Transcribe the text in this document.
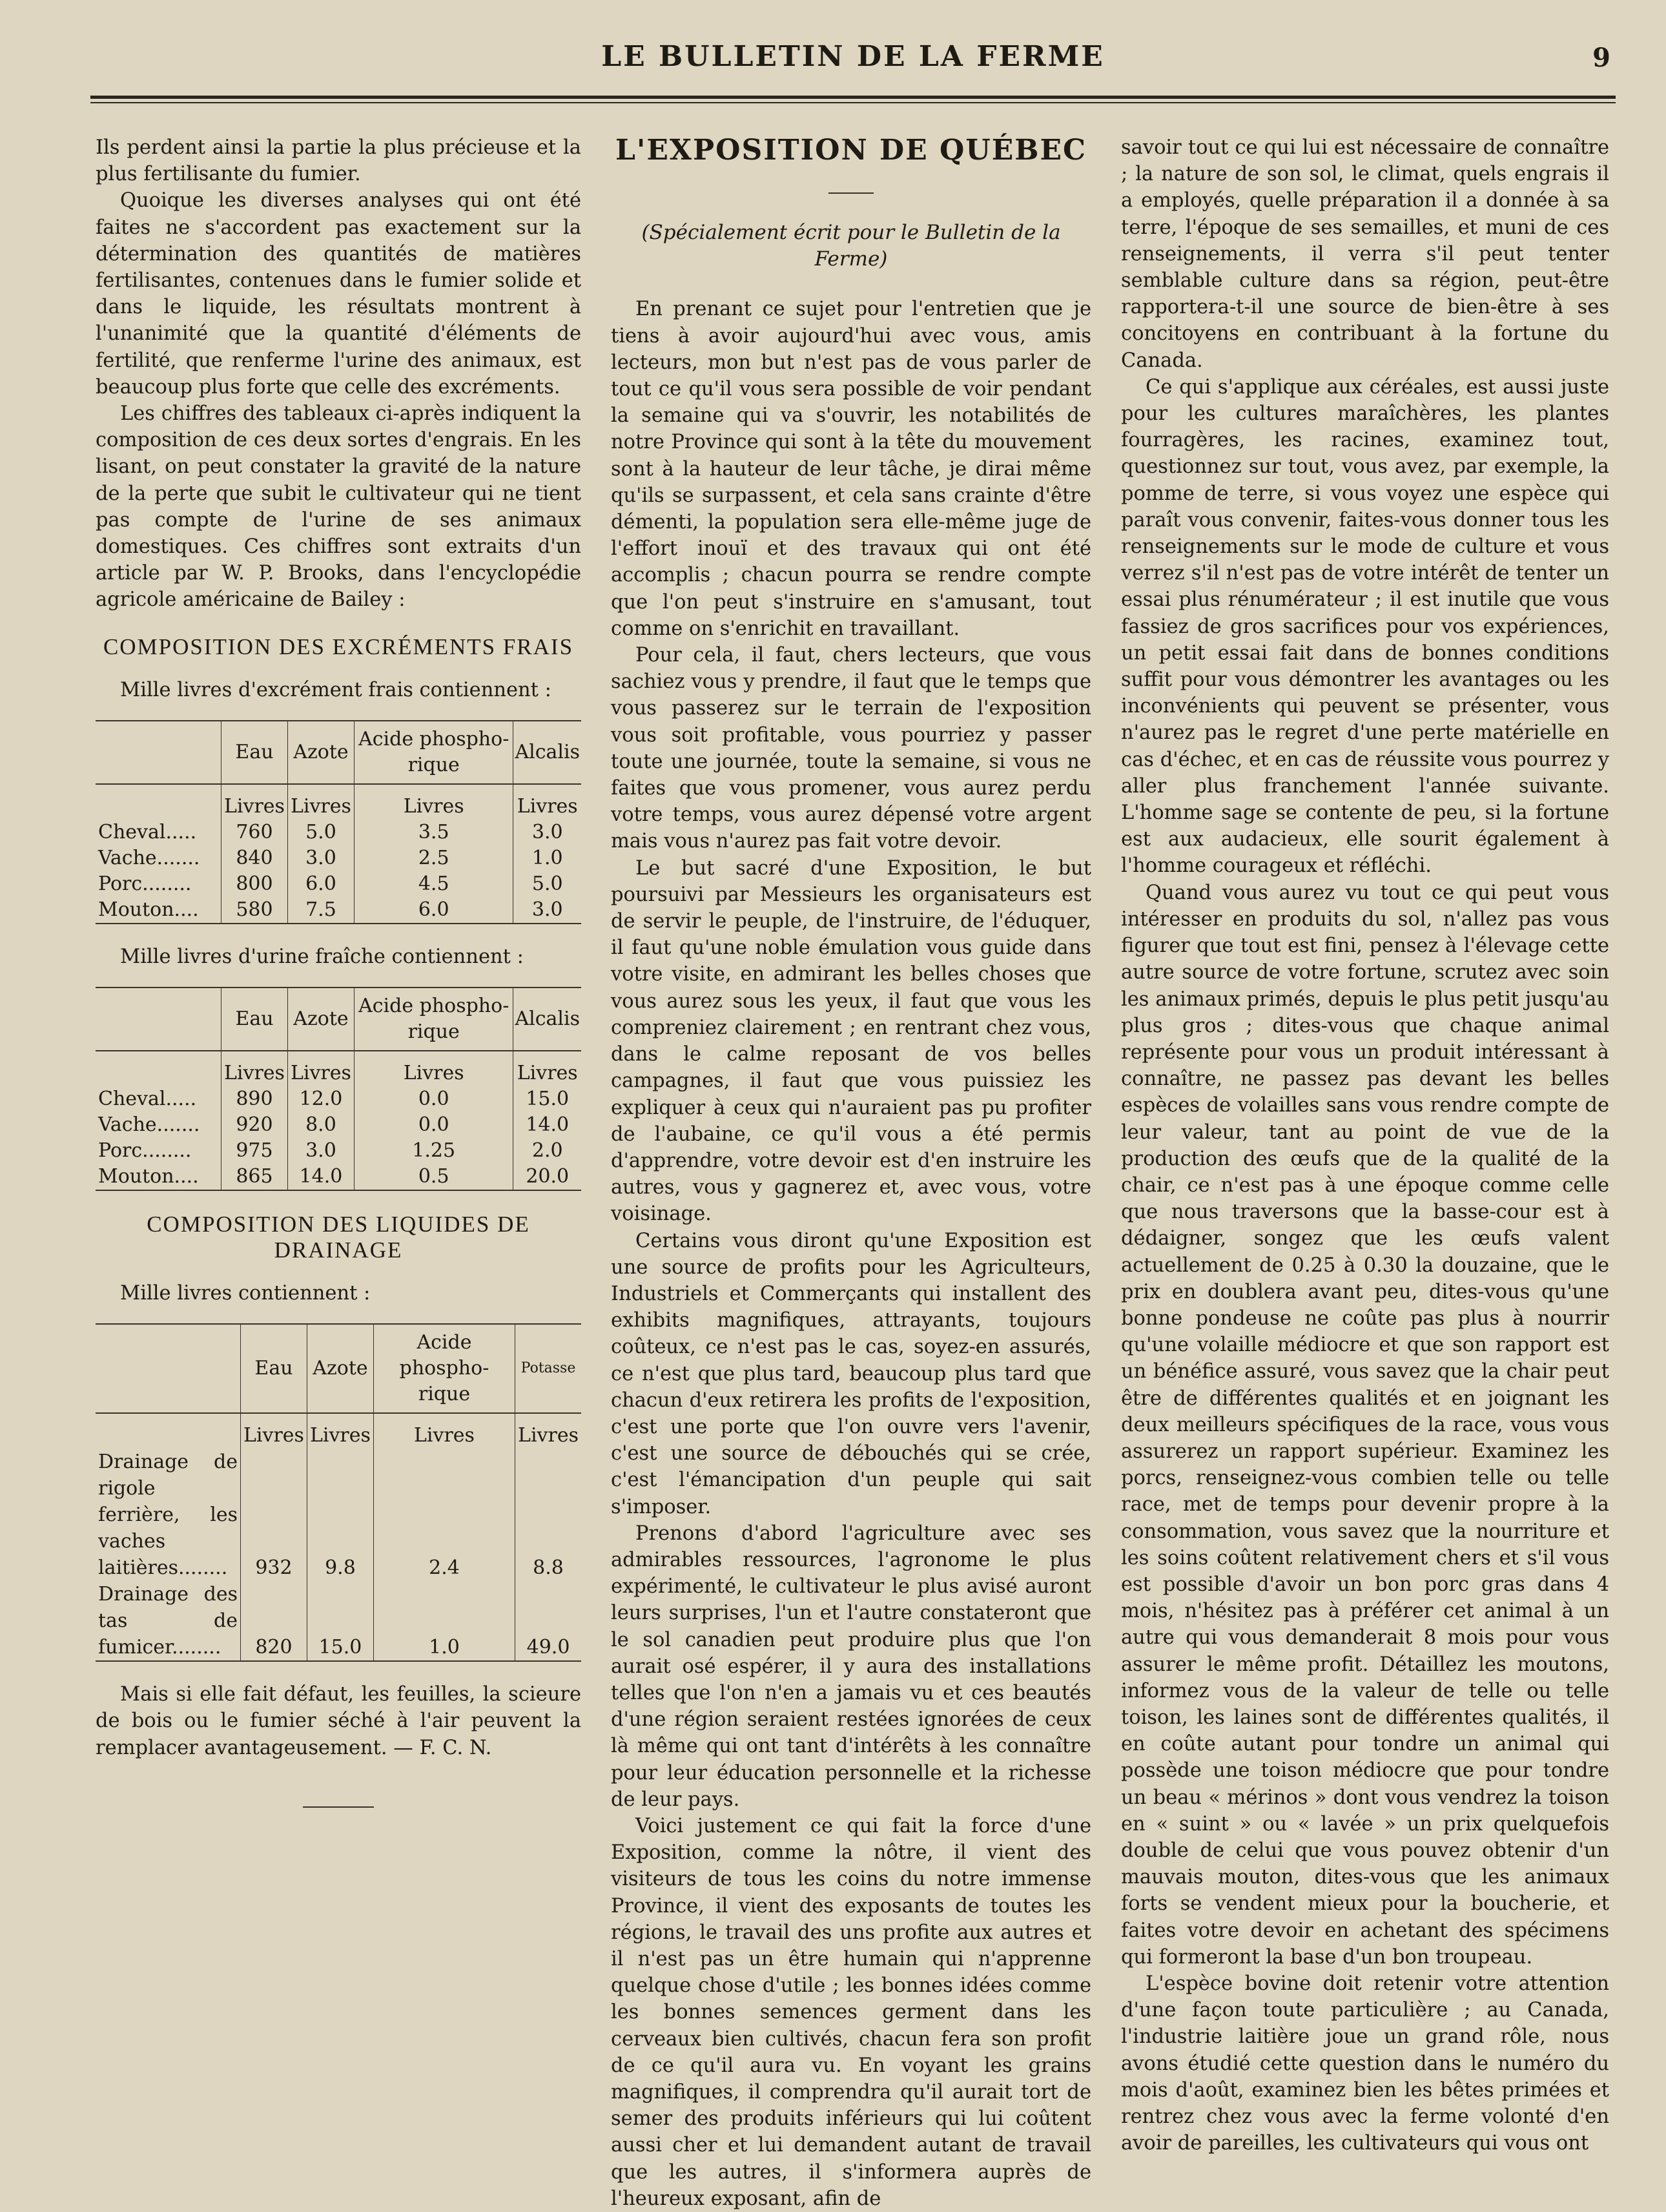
LE BULLETIN DE LA FERME	9

Ils perdent ainsi la partie la plus précieuse et la plus fertilisante du fumier.

Quoique les diverses analyses qui ont été faites ne s'accordent pas exactement sur la détermination des quantités de matières fertilisantes, contenues dans le fumier solide et dans le liquide, les résultats montrent à l'unanimité que la quantité d'éléments de fertilité, que renferme l'urine des animaux, est beaucoup plus forte que celle des excréments.

Les chiffres des tableaux ci-après indiquent la composition de ces deux sortes d'engrais. En les lisant, on peut constater la gravité de la nature de la perte que subit le cultivateur qui ne tient pas compte de l'urine de ses animaux domestiques. Ces chiffres sont extraits d'un article par W. P. Brooks, dans l'encyclopédie agricole américaine de Bailey :

COMPOSITION DES EXCRÉMENTS FRAIS

Mille livres d'excrément frais contiennent :

	Eau	Azote	Acide phospho-rique	Alcalis
	Livres	Livres	Livres	Livres
Cheval.....	760	5.0	3.5	3.0
Vache.......	840	3.0	2.5	1.0
Porc........	800	6.0	4.5	5.0
Mouton....	580	7.5	6.0	3.0

Mille livres d'urine fraîche contiennent :

	Eau	Azote	Acide phospho-rique	Alcalis
	Livres	Livres	Livres	Livres
Cheval.....	890	12.0	0.0	15.0
Vache.......	920	8.0	0.0	14.0
Porc........	975	3.0	1.25	2.0
Mouton....	865	14.0	0.5	20.0
COMPOSITION DES LIQUIDES DE DRAINAGE

Mille livres contiennent :

	Eau	Azote	Acide phospho-rique	Potasse
	Livres	Livres	Livres	Livres
Drainage de rigole ferrière, les vaches laitières........	932	9.8	2.4	8.8
Drainage des tas de fumicer........	820	15.0	1.0	49.0

Mais si elle fait défaut, les feuilles, la scieure de bois ou le fumier séché à l'air peuvent la remplacer avantageusement. — F. C. N.

L'EXPOSITION DE QUÉBEC
(Spécialement écrit pour le Bulletin de la Ferme)

En prenant ce sujet pour l'entretien que je tiens à avoir aujourd'hui avec vous, amis lecteurs, mon but n'est pas de vous parler de tout ce qu'il vous sera possible de voir pendant la semaine qui va s'ouvrir, les notabilités de notre Province qui sont à la tête du mouvement sont à la hauteur de leur tâche, je dirai même qu'ils se surpassent, et cela sans crainte d'être démenti, la population sera elle-même juge de l'effort inouï et des travaux qui ont été accomplis ; chacun pourra se rendre compte que l'on peut s'instruire en s'amusant, tout comme on s'enrichit en travaillant.

Pour cela, il faut, chers lecteurs, que vous sachiez vous y prendre, il faut que le temps que vous passerez sur le terrain de l'exposition vous soit profitable, vous pourriez y passer toute une journée, toute la semaine, si vous ne faites que vous promener, vous aurez perdu votre temps, vous aurez dépensé votre argent mais vous n'aurez pas fait votre devoir.

Le but sacré d'une Exposition, le but poursuivi par Messieurs les organisateurs est de servir le peuple, de l'instruire, de l'éduquer, il faut qu'une noble émulation vous guide dans votre visite, en admirant les belles choses que vous aurez sous les yeux, il faut que vous les compreniez clairement ; en rentrant chez vous, dans le calme reposant de vos belles campagnes, il faut que vous puissiez les expliquer à ceux qui n'auraient pas pu profiter de l'aubaine, ce qu'il vous a été permis d'apprendre, votre devoir est d'en instruire les autres, vous y gagnerez et, avec vous, votre voisinage.

Certains vous diront qu'une Exposition est une source de profits pour les Agriculteurs, Industriels et Commerçants qui installent des exhibits magnifiques, attrayants, toujours coûteux, ce n'est pas le cas, soyez-en assurés, ce n'est que plus tard, beaucoup plus tard que chacun d'eux retirera les profits de l'exposition, c'est une porte que l'on ouvre vers l'avenir, c'est une source de débouchés qui se crée, c'est l'émancipation d'un peuple qui sait s'imposer.

Prenons d'abord l'agriculture avec ses admirables ressources, l'agronome le plus expérimenté, le cultivateur le plus avisé auront leurs surprises, l'un et l'autre constateront que le sol canadien peut produire plus que l'on aurait osé espérer, il y aura des installations telles que l'on n'en a jamais vu et ces beautés d'une région seraient restées ignorées de ceux là même qui ont tant d'intérêts à les connaître pour leur éducation personnelle et la richesse de leur pays.

Voici justement ce qui fait la force d'une Exposition, comme la nôtre, il vient des visiteurs de tous les coins du notre immense Province, il vient des exposants de toutes les régions, le travail des uns profite aux autres et il n'est pas un être humain qui n'apprenne quelque chose d'utile ; les bonnes idées comme les bonnes semences germent dans les cerveaux bien cultivés, chacun fera son profit de ce qu'il aura vu. En voyant les grains magnifiques, il comprendra qu'il aurait tort de semer des produits inférieurs qui lui coûtent aussi cher et lui demandent autant de travail que les autres, il s'informera auprès de l'heureux exposant, afin de

savoir tout ce qui lui est nécessaire de connaître ; la nature de son sol, le climat, quels engrais il a employés, quelle préparation il a donnée à sa terre, l'époque de ses semailles, et muni de ces renseignements, il verra s'il peut tenter semblable culture dans sa région, peut-être rapportera-t-il une source de bien-être à ses concitoyens en contribuant à la fortune du Canada.

Ce qui s'applique aux céréales, est aussi juste pour les cultures maraîchères, les plantes fourragères, les racines, examinez tout, questionnez sur tout, vous avez, par exemple, la pomme de terre, si vous voyez une espèce qui paraît vous convenir, faites-vous donner tous les renseignements sur le mode de culture et vous verrez s'il n'est pas de votre intérêt de tenter un essai plus rénumérateur ; il est inutile que vous fassiez de gros sacrifices pour vos expériences, un petit essai fait dans de bonnes conditions suffit pour vous démontrer les avantages ou les inconvénients qui peuvent se présenter, vous n'aurez pas le regret d'une perte matérielle en cas d'échec, et en cas de réussite vous pourrez y aller plus franchement l'année suivante. L'homme sage se contente de peu, si la fortune est aux audacieux, elle sourit également à l'homme courageux et réfléchi.

Quand vous aurez vu tout ce qui peut vous intéresser en produits du sol, n'allez pas vous figurer que tout est fini, pensez à l'élevage cette autre source de votre fortune, scrutez avec soin les animaux primés, depuis le plus petit jusqu'au plus gros ; dites-vous que chaque animal représente pour vous un produit intéressant à connaître, ne passez pas devant les belles espèces de volailles sans vous rendre compte de leur valeur, tant au point de vue de la production des œufs que de la qualité de la chair, ce n'est pas à une époque comme celle que nous traversons que la basse-cour est à dédaigner, songez que les œufs valent actuellement de 0.25 à 0.30 la douzaine, que le prix en doublera avant peu, dites-vous qu'une bonne pondeuse ne coûte pas plus à nourrir qu'une volaille médiocre et que son rapport est un bénéfice assuré, vous savez que la chair peut être de différentes qualités et en joignant les deux meilleurs spécifiques de la race, vous vous assurerez un rapport supérieur. Examinez les porcs, renseignez-vous combien telle ou telle race, met de temps pour devenir propre à la consommation, vous savez que la nourriture et les soins coûtent relativement chers et s'il vous est possible d'avoir un bon porc gras dans 4 mois, n'hésitez pas à préférer cet animal à un autre qui vous demanderait 8 mois pour vous assurer le même profit. Détaillez les moutons, informez vous de la valeur de telle ou telle toison, les laines sont de différentes qualités, il en coûte autant pour tondre un animal qui possède une toison médiocre que pour tondre un beau « mérinos » dont vous vendrez la toison en « suint » ou « lavée » un prix quelquefois double de celui que vous pouvez obtenir d'un mauvais mouton, dites-vous que les animaux forts se vendent mieux pour la boucherie, et faites votre devoir en achetant des spécimens qui formeront la base d'un bon troupeau.

L'espèce bovine doit retenir votre attention d'une façon toute particulière ; au Canada, l'industrie laitière joue un grand rôle, nous avons étudié cette question dans le numéro du mois d'août, examinez bien les bêtes primées et rentrez chez vous avec la ferme volonté d'en avoir de pareilles, les cultivateurs qui vous ont
